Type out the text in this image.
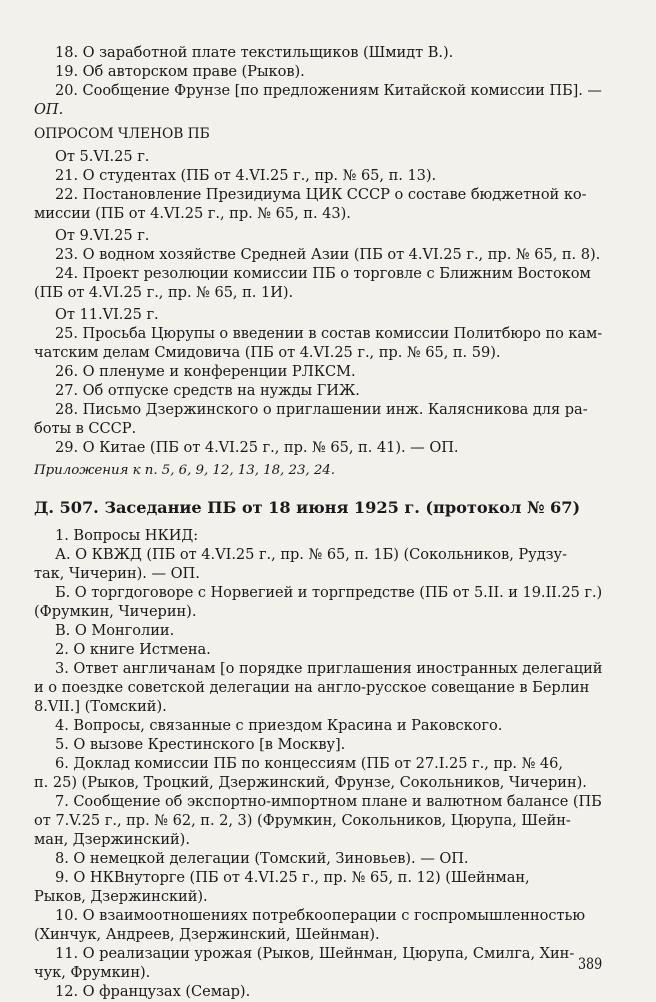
18. О заработной плате текстильщиков (Шмидт В.).
19. Об авторском праве (Рыков).
20. Сообщение Фрунзе [по предложениям Китайской комиссии ПБ]. —
ОП.
ОПРОСОМ ЧЛЕНОВ ПБ
От 5.VI.25 г.
21. О студентах (ПБ от 4.VI.25 г., пр. № 65, п. 13).
22. Постановление Президиума ЦИК СССР о составе бюджетной ко-
миссии (ПБ от 4.VI.25 г., пр. № 65, п. 43).
От 9.VI.25 г.
23. О водном хозяйстве Средней Азии (ПБ от 4.VI.25 г., пр. № 65, п. 8).
24. Проект резолюции комиссии ПБ о торговле с Ближним Востоком
(ПБ от 4.VI.25 г., пр. № 65, п. 1И).
От 11.VI.25 г.
25. Просьба Цюрупы о введении в состав комиссии Политбюро по кам-
чатским делам Смидовича (ПБ от 4.VI.25 г., пр. № 65, п. 59).
26. О пленуме и конференции РЛКСМ.
27. Об отпуске средств на нужды ГИЖ.
28. Письмо Дзержинского о приглашении инж. Калясникова для ра-
боты в СССР.
29. О Китае (ПБ от 4.VI.25 г., пр. № 65, п. 41). — ОП.
Приложения к п. 5, 6, 9, 12, 13, 18, 23, 24.
Д. 507. Заседание ПБ от 18 июня 1925 г. (протокол № 67)
1. Вопросы НКИД:
А. О КВЖД (ПБ от 4.VI.25 г., пр. № 65, п. 1Б) (Сокольников, Рудзу-
так, Чичерин). — ОП.
Б. О торгдоговоре с Норвегией и торгпредстве (ПБ от 5.II. и 19.II.25 г.)
(Фрумкин, Чичерин).
В. О Монголии.
2. О книге Истмена.
3. Ответ англичанам [о порядке приглашения иностранных делегаций
и о поездке советской делегации на англо-русское совещание в Берлин
8.VII.] (Томский).
4. Вопросы, связанные с приездом Красина и Раковского.
5. О вызове Крестинского [в Москву].
6. Доклад комиссии ПБ по концессиям (ПБ от 27.I.25 г., пр. № 46,
п. 25) (Рыков, Троцкий, Дзержинский, Фрунзе, Сокольников, Чичерин).
7. Сообщение об экспортно-импортном плане и валютном балансе (ПБ
от 7.V.25 г., пр. № 62, п. 2, 3) (Фрумкин, Сокольников, Цюрупа, Шейн-
ман, Дзержинский).
8. О немецкой делегации (Томский, Зиновьев). — ОП.
9. О НКВнуторге (ПБ от 4.VI.25 г., пр. № 65, п. 12) (Шейнман,
Рыков, Дзержинский).
10. О взаимоотношениях потребкооперации с госпромышленностью
(Хинчук, Андреев, Дзержинский, Шейнман).
11. О реализации урожая (Рыков, Шейнман, Цюрупа, Смилга, Хин-
чук, Фрумкин).
12. О французах (Семар).
389
